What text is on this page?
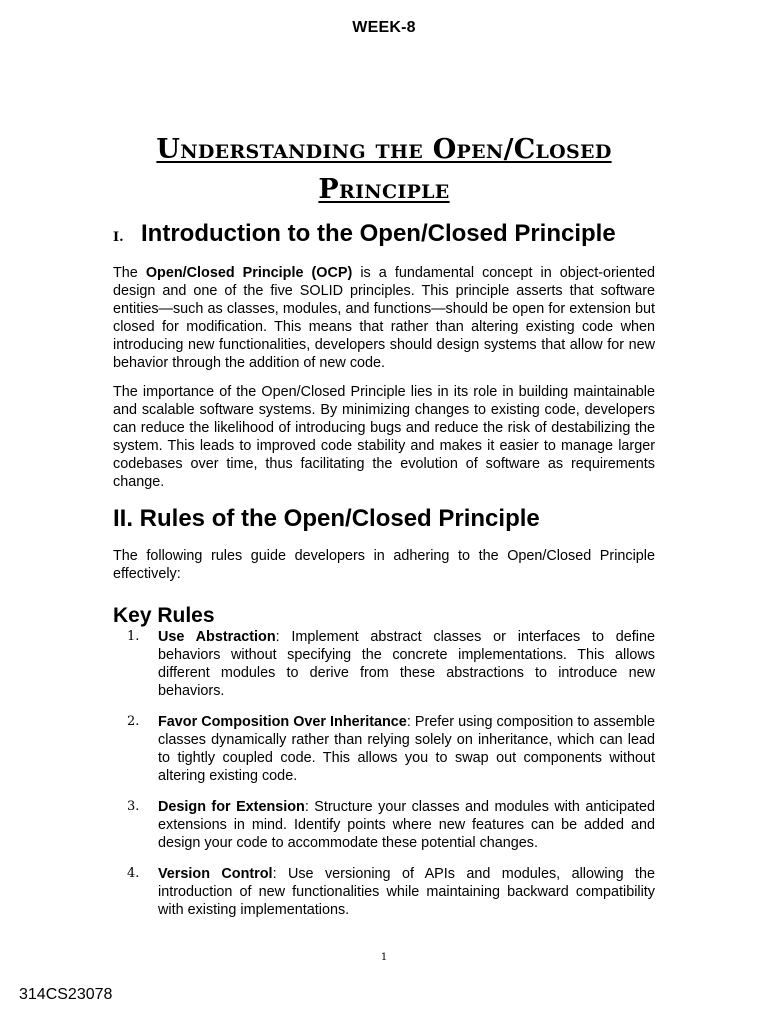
WEEK-8
Understanding the Open/Closed
Principle
I. Introduction to the Open/Closed Principle

The Open/Closed Principle (OCP) is a fundamental concept in object-oriented design and one of the five SOLID principles. This principle asserts that software entities—such as classes, modules, and functions—should be open for extension but closed for modification. This means that rather than altering existing code when introducing new functionalities, developers should design systems that allow for new behavior through the addition of new code.

The importance of the Open/Closed Principle lies in its role in building maintainable and scalable software systems. By minimizing changes to existing code, developers can reduce the likelihood of introducing bugs and reduce the risk of destabilizing the system. This leads to improved code stability and makes it easier to manage larger codebases over time, thus facilitating the evolution of software as requirements change.

II. Rules of the Open/Closed Principle

The following rules guide developers in adhering to the Open/Closed Principle effectively:

Key Rules
1. Use Abstraction: Implement abstract classes or interfaces to define behaviors without specifying the concrete implementations. This allows different modules to derive from these abstractions to introduce new behaviors.
2. Favor Composition Over Inheritance: Prefer using composition to assemble classes dynamically rather than relying solely on inheritance, which can lead to tightly coupled code. This allows you to swap out components without altering existing code.
3. Design for Extension: Structure your classes and modules with anticipated extensions in mind. Identify points where new features can be added and design your code to accommodate these potential changes.
4. Version Control: Use versioning of APIs and modules, allowing the introduction of new functionalities while maintaining backward compatibility with existing implementations.
1
314CS23078
